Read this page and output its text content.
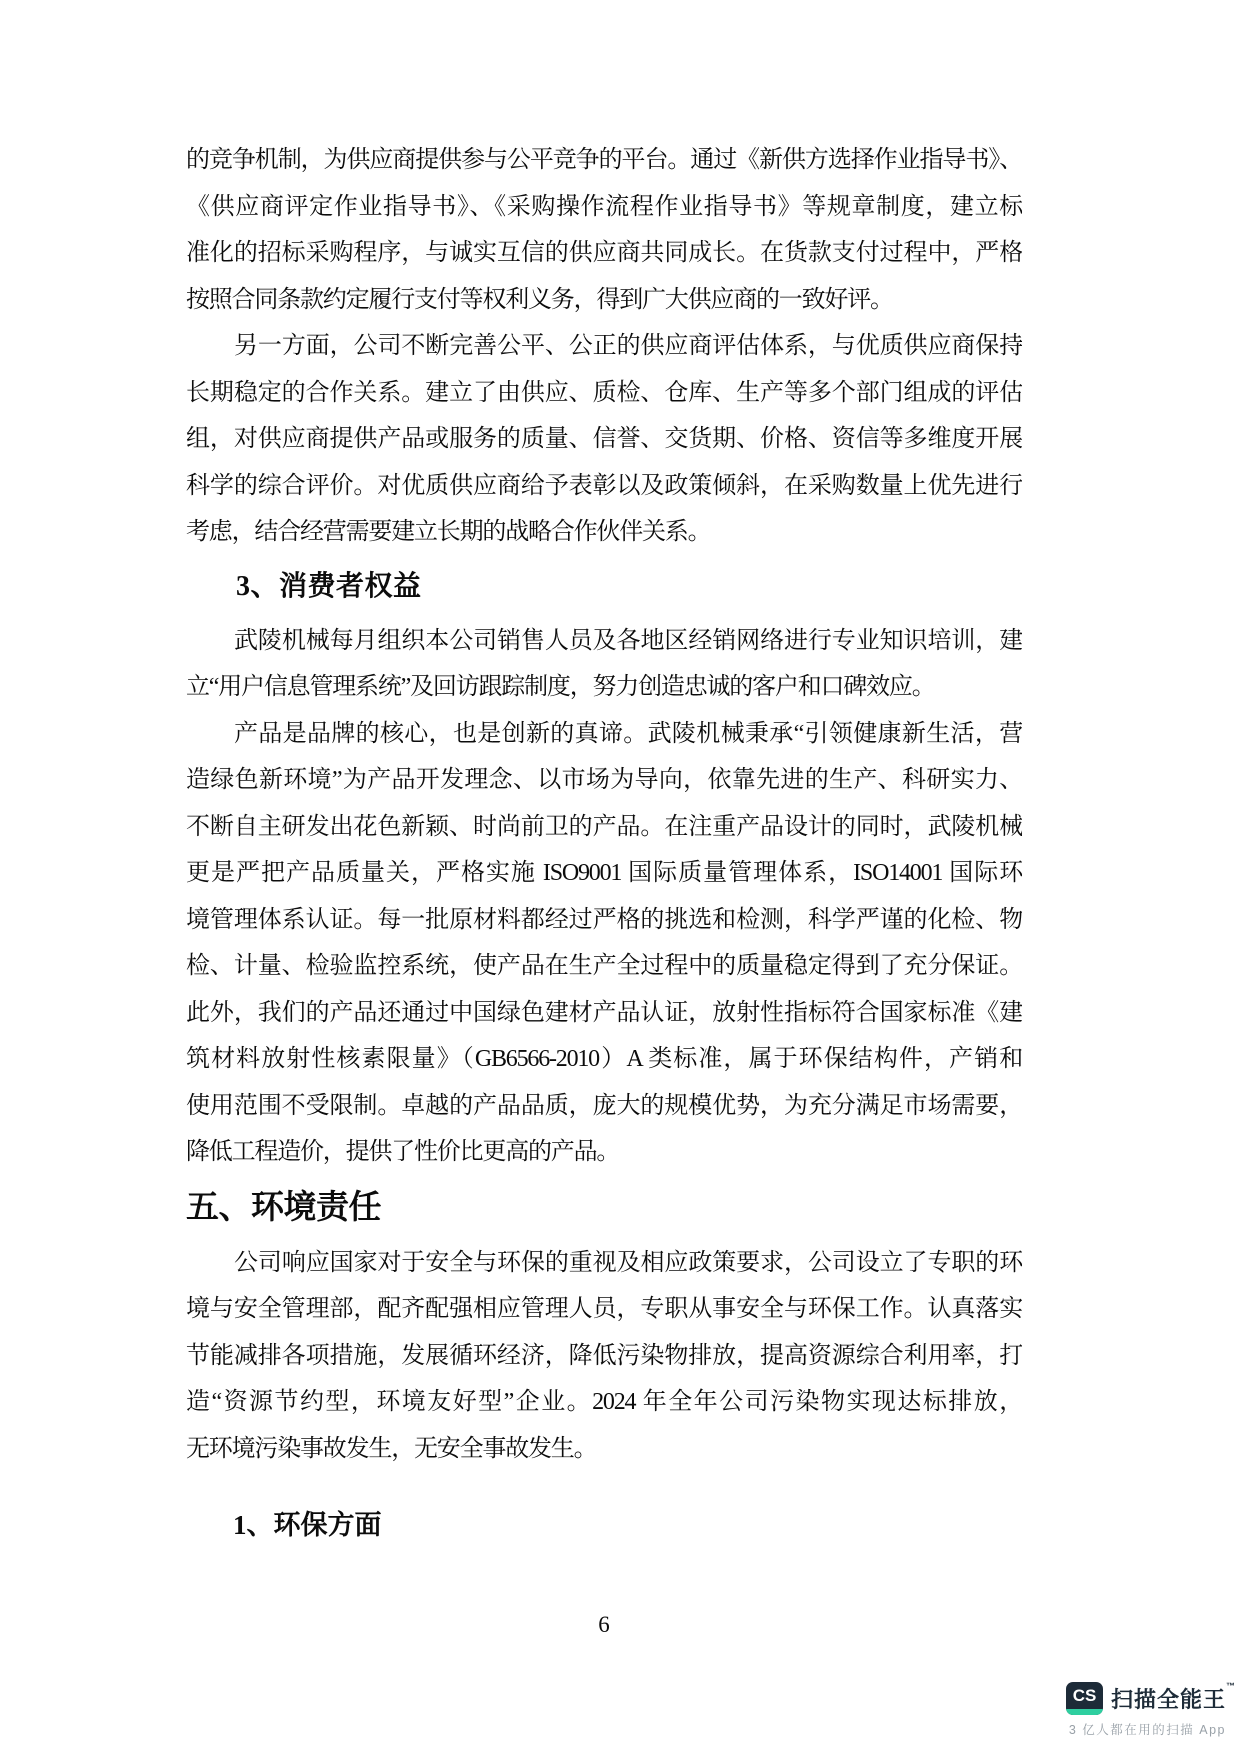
的竞争机制，为供应商提供参与公平竞争的平台。通过《新供方选择作业指导书》、
《供应商评定作业指导书》、《采购操作流程作业指导书》等规章制度，建立标
准化的招标采购程序，与诚实互信的供应商共同成长。在货款支付过程中，严格
按照合同条款约定履行支付等权利义务，得到广大供应商的一致好评。
另一方面，公司不断完善公平、公正的供应商评估体系，与优质供应商保持
长期稳定的合作关系。建立了由供应、质检、仓库、生产等多个部门组成的评估
组，对供应商提供产品或服务的质量、信誉、交货期、价格、资信等多维度开展
科学的综合评价。对优质供应商给予表彰以及政策倾斜，在采购数量上优先进行
考虑，结合经营需要建立长期的战略合作伙伴关系。
3、消费者权益
武陵机械每月组织本公司销售人员及各地区经销网络进行专业知识培训，建
立“用户信息管理系统”及回访跟踪制度，努力创造忠诚的客户和口碑效应。
产品是品牌的核心，也是创新的真谛。武陵机械秉承“引领健康新生活，营
造绿色新环境”为产品开发理念、以市场为导向，依靠先进的生产、科研实力、
不断自主研发出花色新颖、时尚前卫的产品。在注重产品设计的同时，武陵机械
更是严把产品质量关，严格实施 ISO9001 国际质量管理体系，ISO14001 国际环
境管理体系认证。每一批原材料都经过严格的挑选和检测，科学严谨的化检、物
检、计量、检验监控系统，使产品在生产全过程中的质量稳定得到了充分保证。
此外，我们的产品还通过中国绿色建材产品认证，放射性指标符合国家标准《建
筑材料放射性核素限量》（GB6566-2010）A 类标准，属于环保结构件，产销和
使用范围不受限制。卓越的产品品质，庞大的规模优势，为充分满足市场需要，
降低工程造价，提供了性价比更高的产品。
五、环境责任
公司响应国家对于安全与环保的重视及相应政策要求，公司设立了专职的环
境与安全管理部，配齐配强相应管理人员，专职从事安全与环保工作。认真落实
节能减排各项措施，发展循环经济，降低污染物排放，提高资源综合利用率，打
造“资源节约型，环境友好型”企业。2024 年全年公司污染物实现达标排放，
无环境污染事故发生，无安全事故发生。
1、环保方面
6
CS 扫描全能王™
3 亿人都在用的扫描 App
